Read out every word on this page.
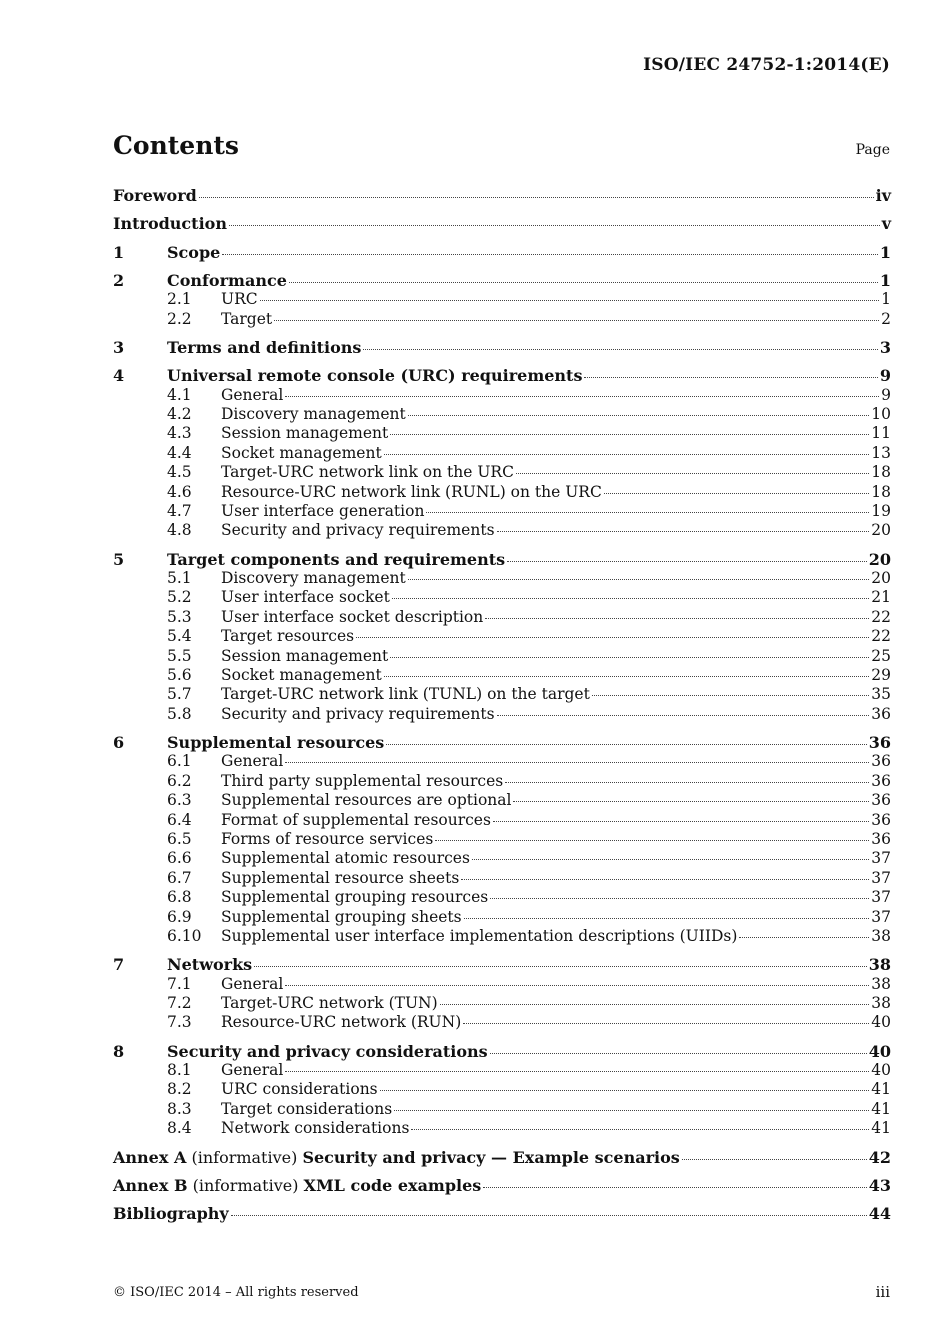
ISO/IEC 24752-1:2014(E)
Contents	Page
Foreword	iv
Introduction	v
1	Scope	1
2	Conformance	1
2.1	URC	1
2.2	Target	2
3	Terms and definitions	3
4	Universal remote console (URC) requirements	9
4.1	General	9
4.2	Discovery management	10
4.3	Session management	11
4.4	Socket management	13
4.5	Target-URC network link on the URC	18
4.6	Resource-URC network link (RUNL) on the URC	18
4.7	User interface generation	19
4.8	Security and privacy requirements	20
5	Target components and requirements	20
5.1	Discovery management	20
5.2	User interface socket	21
5.3	User interface socket description	22
5.4	Target resources	22
5.5	Session management	25
5.6	Socket management	29
5.7	Target-URC network link (TUNL) on the target	35
5.8	Security and privacy requirements	36
6	Supplemental resources	36
6.1	General	36
6.2	Third party supplemental resources	36
6.3	Supplemental resources are optional	36
6.4	Format of supplemental resources	36
6.5	Forms of resource services	36
6.6	Supplemental atomic resources	37
6.7	Supplemental resource sheets	37
6.8	Supplemental grouping resources	37
6.9	Supplemental grouping sheets	37
6.10	Supplemental user interface implementation descriptions (UIIDs)	38
7	Networks	38
7.1	General	38
7.2	Target-URC network (TUN)	38
7.3	Resource-URC network (RUN)	40
8	Security and privacy considerations	40
8.1	General	40
8.2	URC considerations	41
8.3	Target considerations	41
8.4	Network considerations	41
Annex A (informative) Security and privacy — Example scenarios	42
Annex B (informative) XML code examples	43
Bibliography	44
© ISO/IEC 2014 – All rights reserved	iii
